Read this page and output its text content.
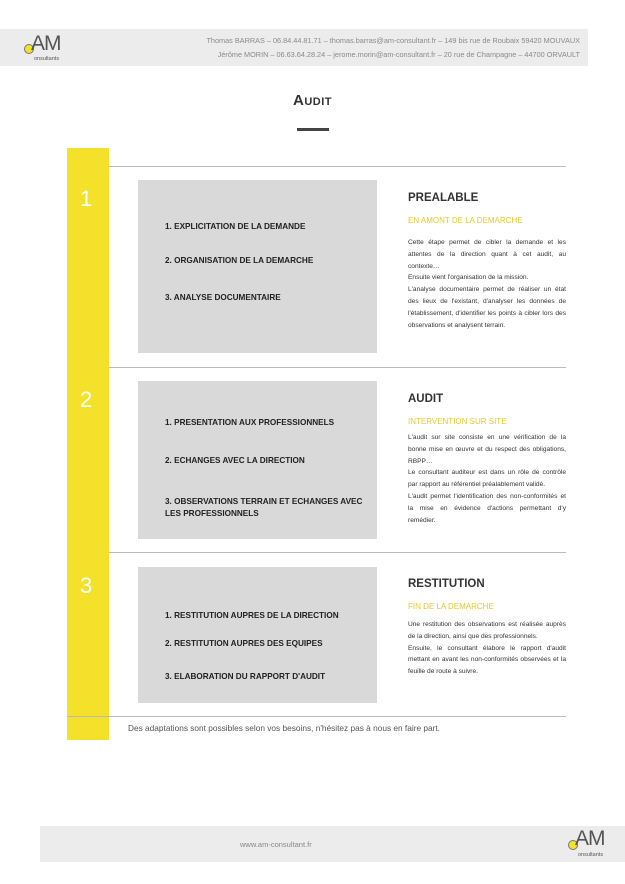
AM
onsultants
Thomas BARRAS – 06.84.44.81.71 – thomas.barras@am-consultant.fr – 149 bis rue de Roubaix 59420 MOUVAUX
Jérôme MORIN – 06.63.64.28.24 – jerome.morin@am-consultant.fr – 20 rue de Champagne – 44700 ORVAULT
Audit
1
2
3
1. EXPLICITATION DE LA DEMANDE
2. ORGANISATION DE LA DEMARCHE
3. ANALYSE DOCUMENTAIRE
PREALABLE
EN AMONT DE LA DEMARCHE

Cette étape permet de cibler la demande et les attentes de la direction quant à cet audit, au contexte…
Ensuite vient l'organisation de la mission.
L'analyse documentaire permet de réaliser un état des lieux de l'existant, d'analyser les données de l'établissement, d'identifier les points à cibler lors des observations et analysent terrain.

1. PRESENTATION AUX PROFESSIONNELS
2. ECHANGES AVEC LA DIRECTION
3. OBSERVATIONS TERRAIN ET ECHANGES AVEC LES PROFESSIONNELS
AUDIT
INTERVENTION SUR SITE

L'audit sur site consiste en une vérification de la bonne mise en œuvre et du respect des obligations, RBPP…
Le consultant auditeur est dans un rôle de contrôle par rapport au référentiel préalablement validé.
L'audit permet l'identification des non-conformités et la mise en évidence d'actions permettant d'y remédier.

1. RESTITUTION AUPRES DE LA DIRECTION
2. RESTITUTION AUPRES DES EQUIPES
3. ELABORATION DU RAPPORT D'AUDIT
RESTITUTION
FIN DE LA DEMARCHE

Une restitution des observations est réalisée auprès de la direction, ainsi que des professionnels.
Ensuite, le consultant élabore le rapport d'audit mettant en avant les non-conformités observées et la feuille de route à suivre.

Des adaptations sont possibles selon vos besoins, n'hésitez pas à nous en faire part.
www.am-consultant.fr	AM
onsultants
